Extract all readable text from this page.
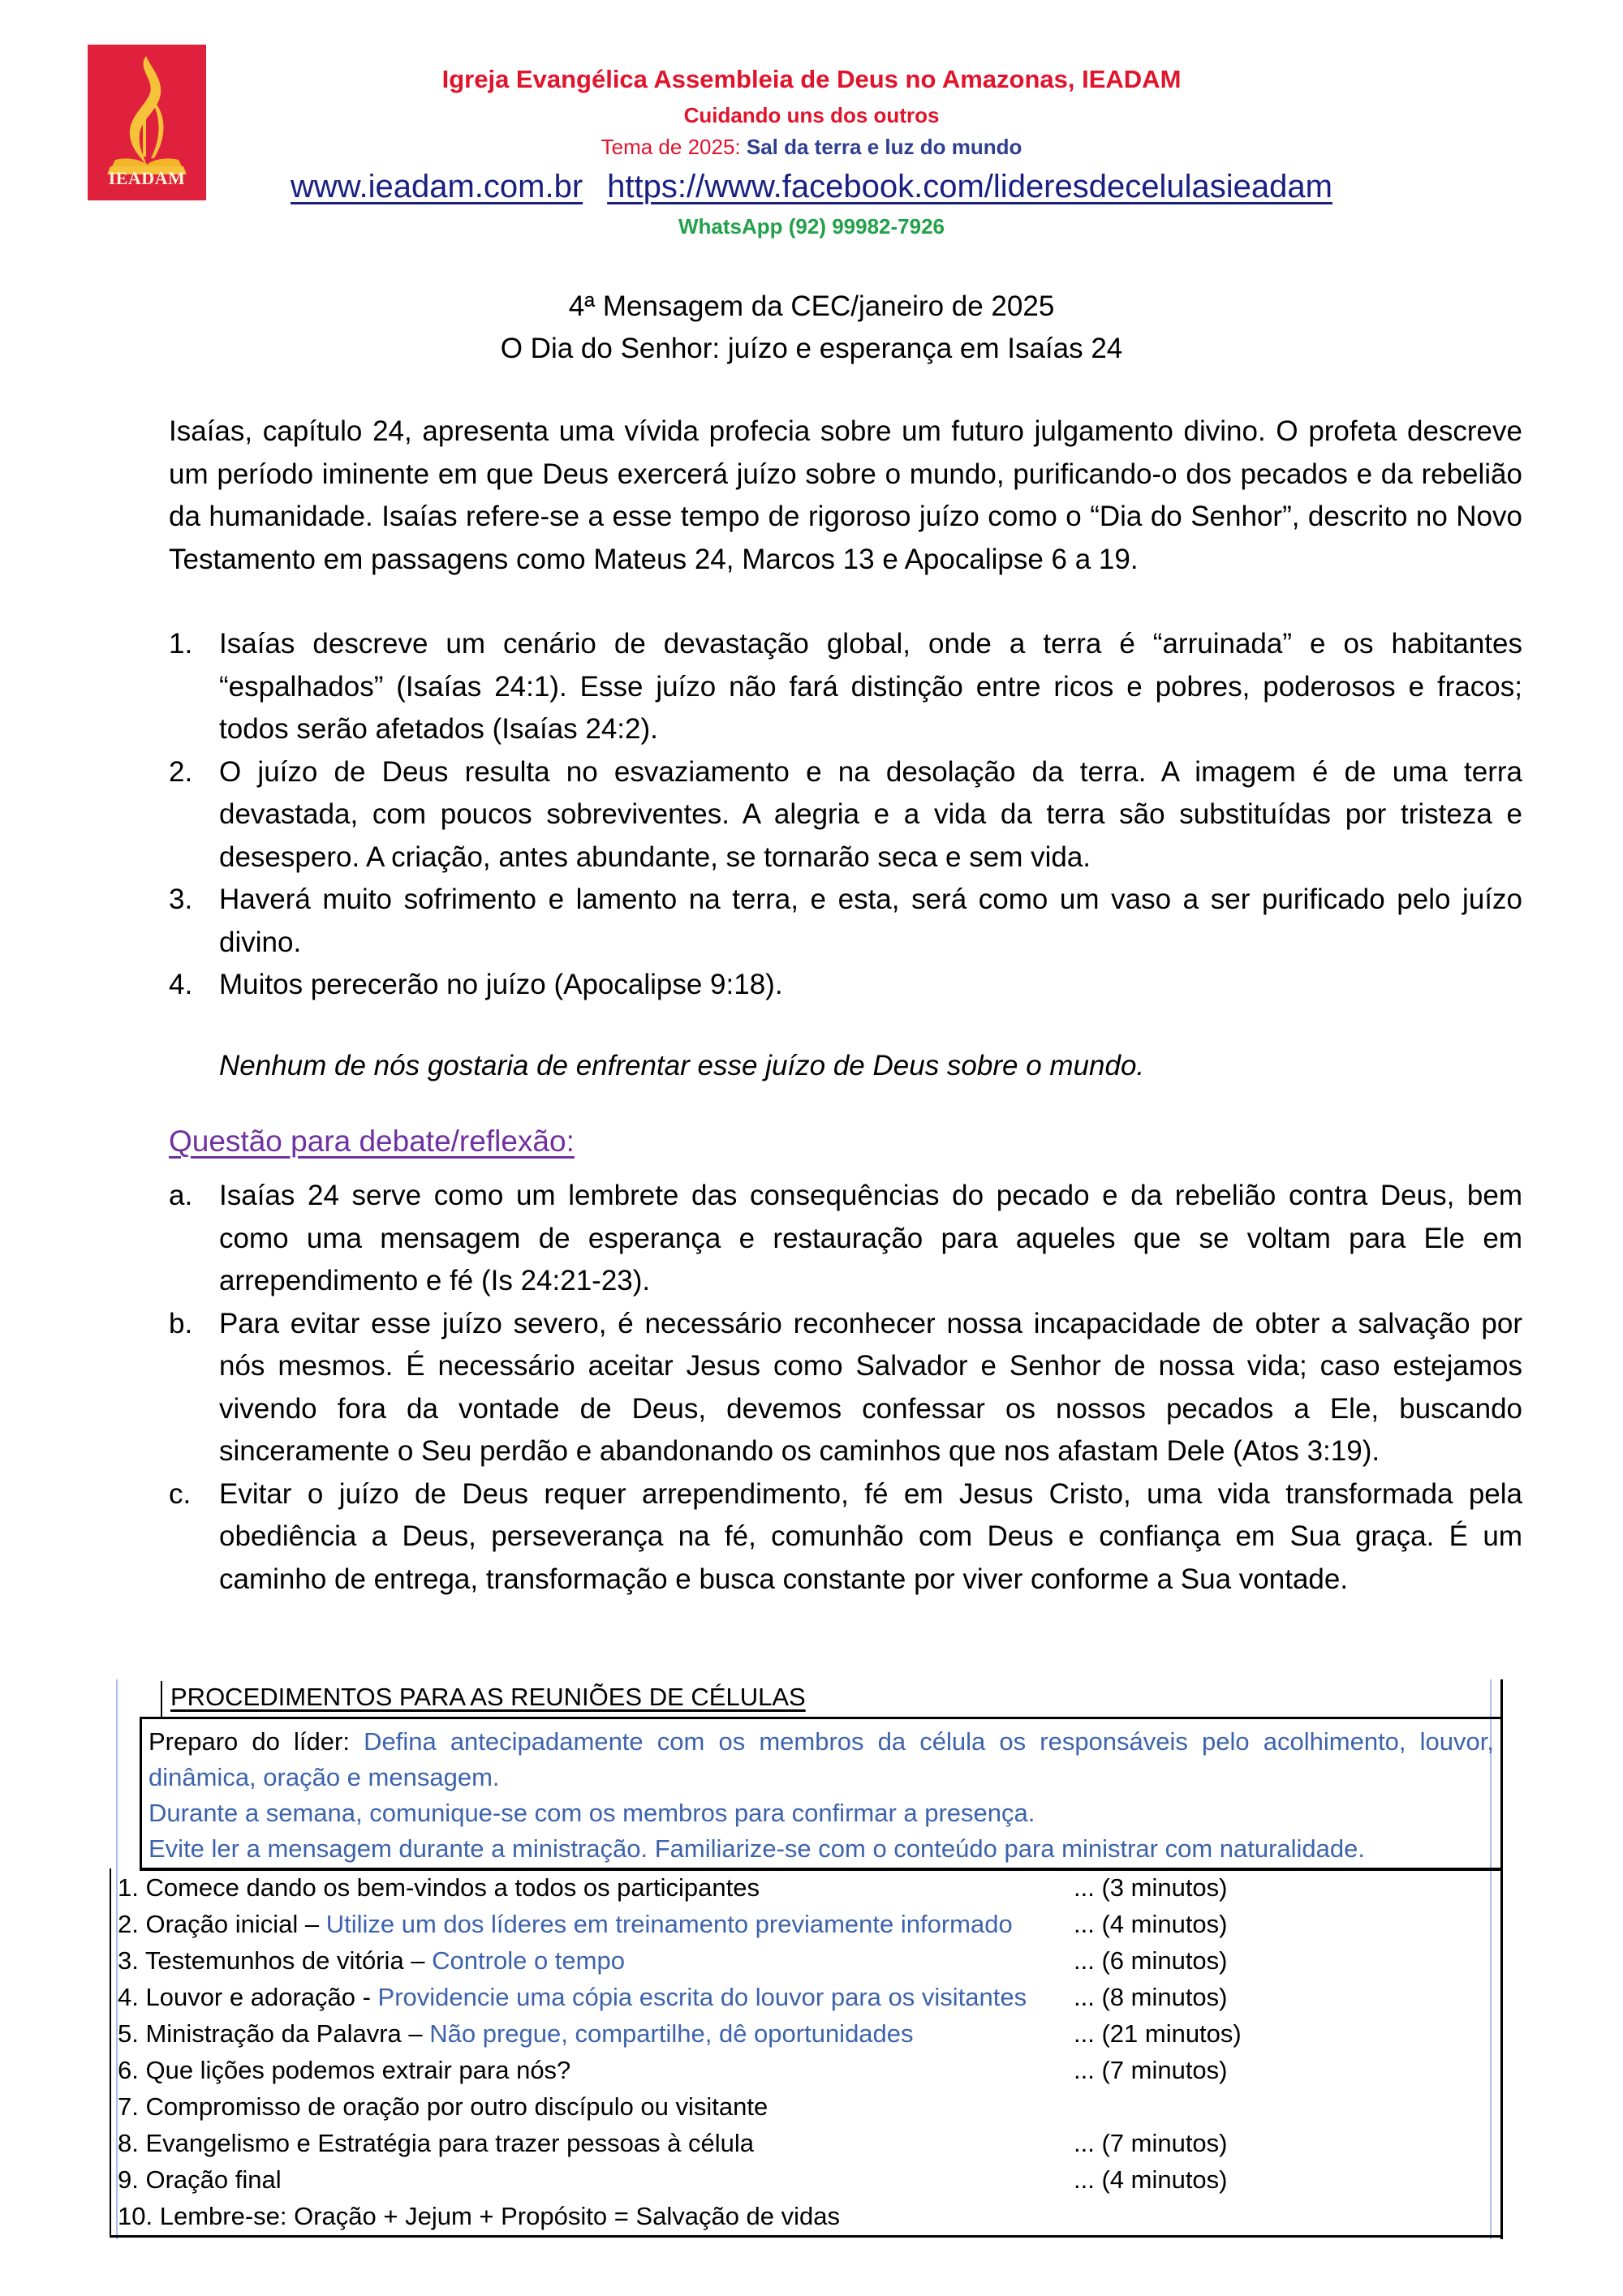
IEADAM
Igreja Evangélica Assembleia de Deus no Amazonas, IEADAM
Cuidando uns dos outros
Tema de 2025: Sal da terra e luz do mundo
www.ieadam.com.br https://www.facebook.com/lideresdecelulasieadam
WhatsApp (92) 99982-7926
4ª Mensagem da CEC/janeiro de 2025
O Dia do Senhor: juízo e esperança em Isaías 24
Isaías, capítulo 24, apresenta uma vívida profecia sobre um futuro julgamento divino. O profeta descreve um período iminente em que Deus exercerá juízo sobre o mundo, purificando-o dos pecados e da rebelião da humanidade. Isaías refere-se a esse tempo de rigoroso juízo como o “Dia do Senhor”, descrito no Novo Testamento em passagens como Mateus 24, Marcos 13 e Apocalipse 6 a 19.
1. Isaías descreve um cenário de devastação global, onde a terra é “arruinada” e os habitantes “espalhados” (Isaías 24:1). Esse juízo não fará distinção entre ricos e pobres, poderosos e fracos; todos serão afetados (Isaías 24:2).
2. O juízo de Deus resulta no esvaziamento e na desolação da terra. A imagem é de uma terra devastada, com poucos sobreviventes. A alegria e a vida da terra são substituídas por tristeza e desespero. A criação, antes abundante, se tornarão seca e sem vida.
3. Haverá muito sofrimento e lamento na terra, e esta, será como um vaso a ser purificado pelo juízo divino.
4. Muitos perecerão no juízo (Apocalipse 9:18).
Nenhum de nós gostaria de enfrentar esse juízo de Deus sobre o mundo.
Questão para debate/reflexão:
a. Isaías 24 serve como um lembrete das consequências do pecado e da rebelião contra Deus, bem como uma mensagem de esperança e restauração para aqueles que se voltam para Ele em arrependimento e fé (Is 24:21-23).
b. Para evitar esse juízo severo, é necessário reconhecer nossa incapacidade de obter a salvação por nós mesmos. É necessário aceitar Jesus como Salvador e Senhor de nossa vida; caso estejamos vivendo fora da vontade de Deus, devemos confessar os nossos pecados a Ele, buscando sinceramente o Seu perdão e abandonando os caminhos que nos afastam Dele (Atos 3:19).
c. Evitar o juízo de Deus requer arrependimento, fé em Jesus Cristo, uma vida transformada pela obediência a Deus, perseverança na fé, comunhão com Deus e confiança em Sua graça. É um caminho de entrega, transformação e busca constante por viver conforme a Sua vontade.
PROCEDIMENTOS PARA AS REUNIÕES DE CÉLULAS
Preparo do líder: Defina antecipadamente com os membros da célula os responsáveis pelo acolhimento, louvor, dinâmica, oração e mensagem.
Durante a semana, comunique-se com os membros para confirmar a presença.
Evite ler a mensagem durante a ministração. Familiarize-se com o conteúdo para ministrar com naturalidade.
1. Comece dando os bem-vindos a todos os participantes	... (3 minutos)
2. Oração inicial – Utilize um dos líderes em treinamento previamente informado ... (4 minutos)
3. Testemunhos de vitória – Controle o tempo	... (6 minutos)
4. Louvor e adoração - Providencie uma cópia escrita do louvor para os visitantes ... (8 minutos)
5. Ministração da Palavra – Não pregue, compartilhe, dê oportunidades	... (21 minutos)
6. Que lições podemos extrair para nós?	... (7 minutos)
7. Compromisso de oração por outro discípulo ou visitante
8. Evangelismo e Estratégia para trazer pessoas à célula	... (7 minutos)
9. Oração final	... (4 minutos)
10. Lembre-se: Oração + Jejum + Propósito = Salvação de vidas
